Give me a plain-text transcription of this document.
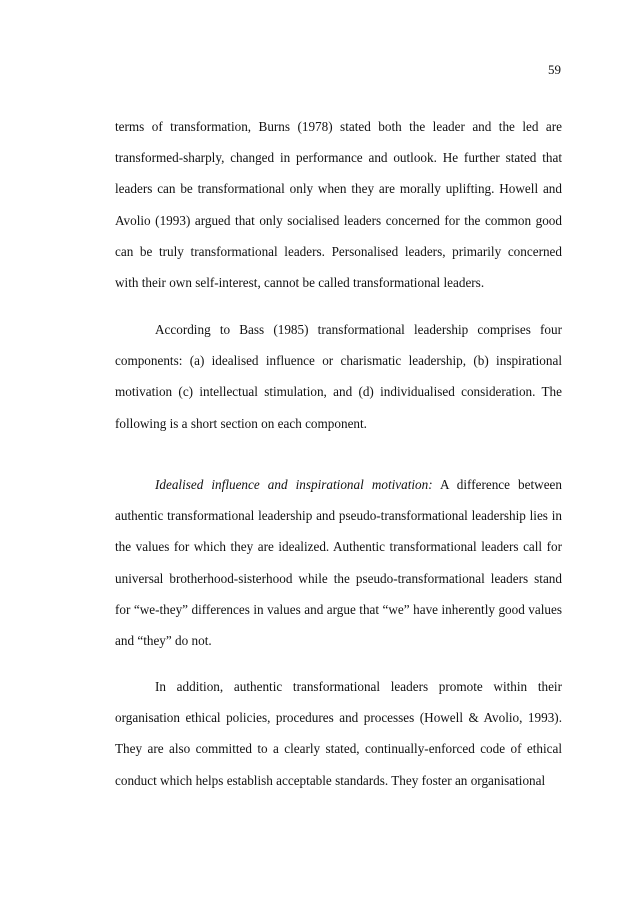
59

terms of transformation, Burns (1978) stated both the leader and the led are transformed-sharply, changed in performance and outlook. He further stated that leaders can be transformational only when they are morally uplifting. Howell and Avolio (1993) argued that only socialised leaders concerned for the common good can be truly transformational leaders. Personalised leaders, primarily concerned with their own self-interest, cannot be called transformational leaders.

According to Bass (1985) transformational leadership comprises four components: (a) idealised influence or charismatic leadership, (b) inspirational motivation (c) intellectual stimulation, and (d) individualised consideration. The following is a short section on each component.

Idealised influence and inspirational motivation: A difference between authentic transformational leadership and pseudo-transformational leadership lies in the values for which they are idealized. Authentic transformational leaders call for universal brotherhood-sisterhood while the pseudo-transformational leaders stand for “we-they” differences in values and argue that “we” have inherently good values and “they” do not.

In addition, authentic transformational leaders promote within their organisation ethical policies, procedures and processes (Howell & Avolio, 1993). They are also committed to a clearly stated, continually-enforced code of ethical conduct which helps establish acceptable standards. They foster an organisational
